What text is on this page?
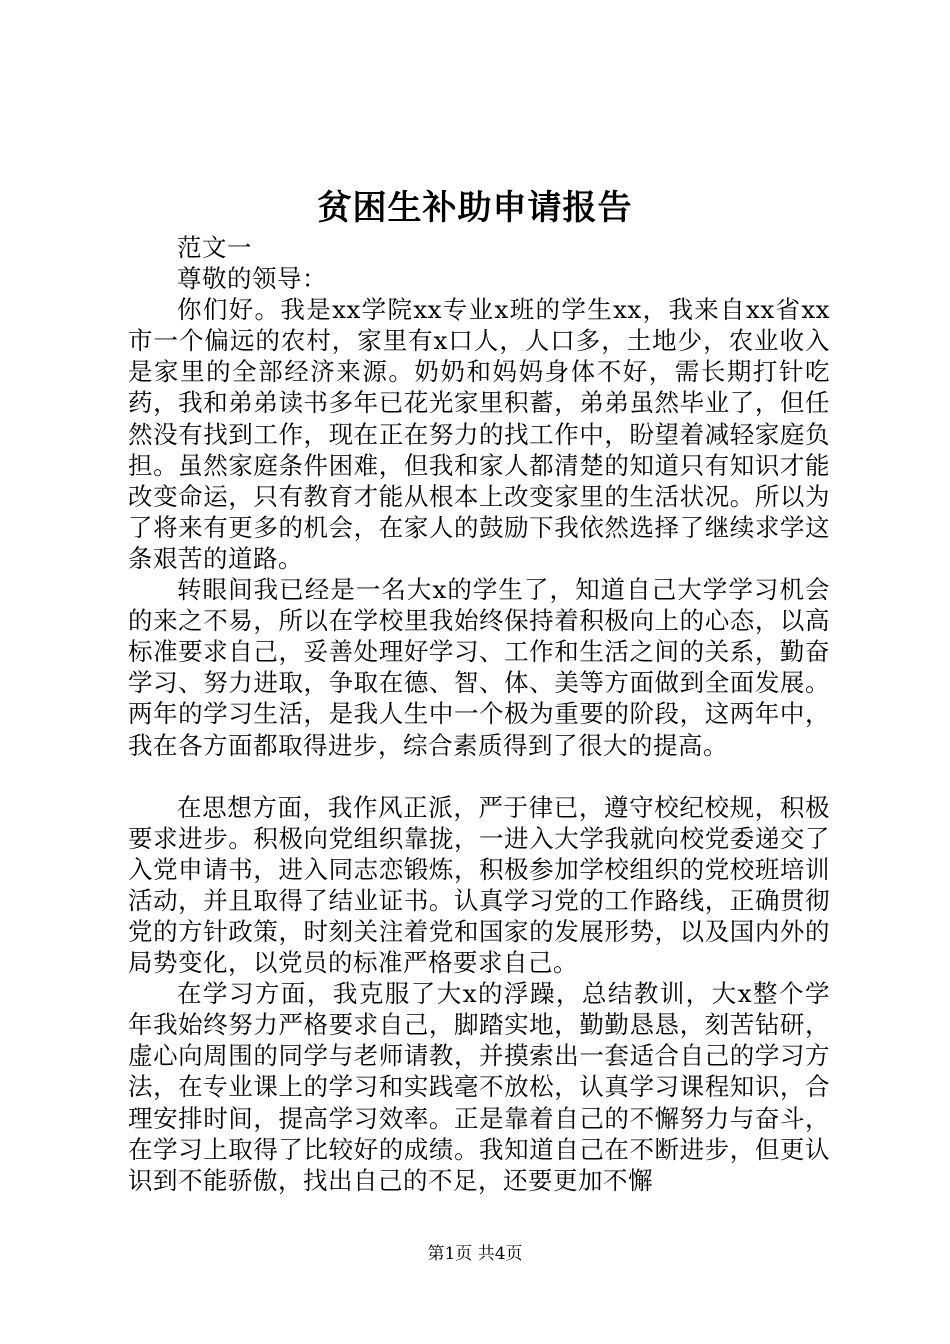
贫困生补助申请报告

范文一

尊敬的领导：

你们好。我是xx学院xx专业x班的学生xx，我来自xx省xx市一个偏远的农村，家里有x口人，人口多，土地少，农业收入是家里的全部经济来源。奶奶和妈妈身体不好，需长期打针吃药，我和弟弟读书多年已花光家里积蓄，弟弟虽然毕业了，但任然没有找到工作，现在正在努力的找工作中，盼望着减轻家庭负担。虽然家庭条件困难，但我和家人都清楚的知道只有知识才能改变命运，只有教育才能从根本上改变家里的生活状况。所以为了将来有更多的机会，在家人的鼓励下我依然选择了继续求学这条艰苦的道路。

转眼间我已经是一名大x的学生了，知道自己大学学习机会的来之不易，所以在学校里我始终保持着积极向上的心态，以高标准要求自己，妥善处理好学习、工作和生活之间的关系，勤奋学习、努力进取，争取在德、智、体、美等方面做到全面发展。两年的学习生活，是我人生中一个极为重要的阶段，这两年中，我在各方面都取得进步，综合素质得到了很大的提高。

在思想方面，我作风正派，严于律已，遵守校纪校规，积极要求进步。积极向党组织靠拢，一进入大学我就向校党委递交了入党申请书，进入同志恋锻炼，积极参加学校组织的党校班培训活动，并且取得了结业证书。认真学习党的工作路线，正确贯彻党的方针政策，时刻关注着党和国家的发展形势，以及国内外的局势变化，以党员的标准严格要求自己。

在学习方面，我克服了大x的浮躁，总结教训，大x整个学年我始终努力严格要求自己，脚踏实地，勤勤恳恳，刻苦钻研，虚心向周围的同学与老师请教，并摸索出一套适合自己的学习方法，在专业课上的学习和实践毫不放松，认真学习课程知识，合理安排时间，提高学习效率。正是靠着自己的不懈努力与奋斗，在学习上取得了比较好的成绩。我知道自己在不断进步，但更认识到不能骄傲，找出自己的不足，还要更加不懈

第1页 共4页
